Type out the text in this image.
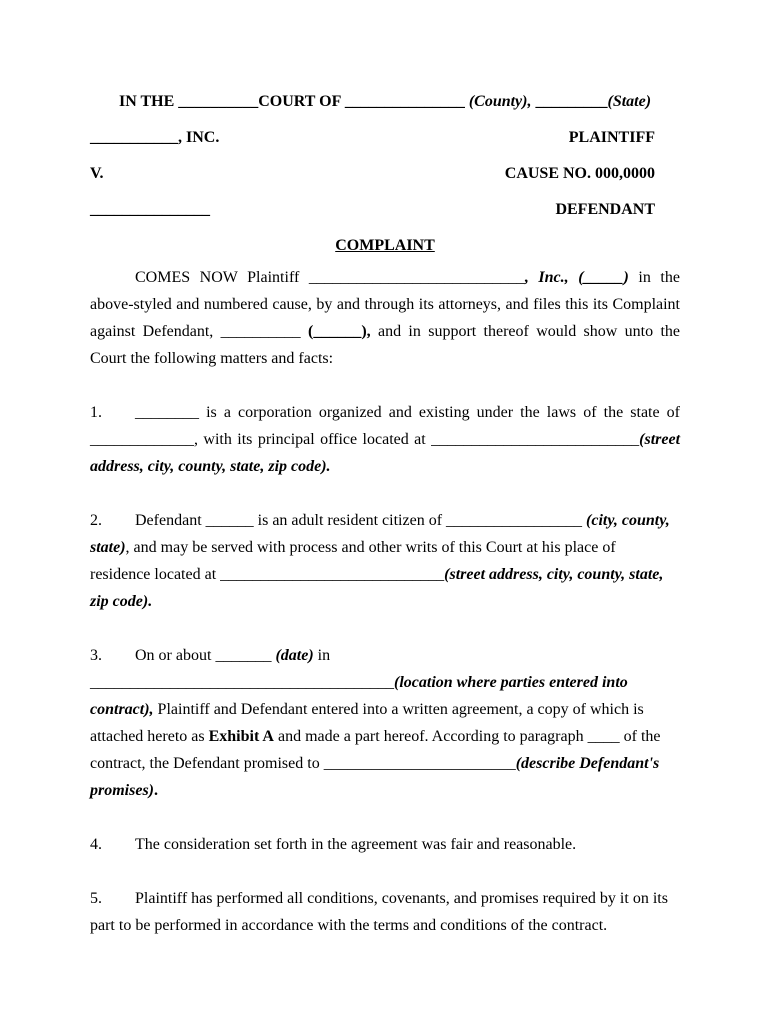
IN THE __________COURT OF _______________ (County), _________(State)
___________, INC.	PLAINTIFF
V.	CAUSE NO. 000,0000
_______________	DEFENDANT
COMPLAINT

COMES NOW Plaintiff ___________________________, Inc., (_____) in the above-styled and numbered cause, by and through its attorneys, and files this its Complaint against Defendant, __________ (______), and in support thereof would show unto the Court the following matters and facts:

1. ________ is a corporation organized and existing under the laws of the state of _____________, with its principal office located at __________________________(street address, city, county, state, zip code).

2. Defendant ______ is an adult resident citizen of _________________ (city, county, state), and may be served with process and other writs of this Court at his place of residence located at ____________________________(street address, city, county, state, zip code).

3. On or about _______ (date) in ______________________________________(location where parties entered into contract), Plaintiff and Defendant entered into a written agreement, a copy of which is attached hereto as Exhibit A and made a part hereof. According to paragraph ____ of the contract, the Defendant promised to ________________________(describe Defendant's promises).

4. The consideration set forth in the agreement was fair and reasonable.

5. Plaintiff has performed all conditions, covenants, and promises required by it on its part to be performed in accordance with the terms and conditions of the contract.
